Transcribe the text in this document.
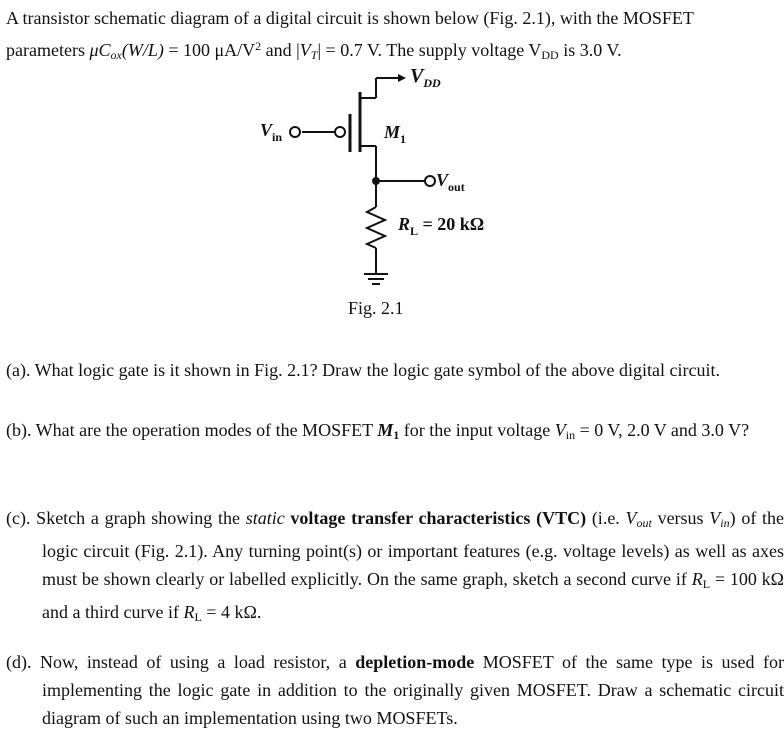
A transistor schematic diagram of a digital circuit is shown below (Fig. 2.1), with the MOSFET
parameters $\mu C_{ox}(W/L) = 100$ $\mu A/V^2$ and $|V_T| = 0.7$ V. The supply voltage $V_{DD}$ is 3.0 V.
$V_{DD}$
$M_1$
$V_{in}$
$V_{out}$
$R_L = 20$ kΩ
Fig. 2.1
(a). What logic gate is it shown in Fig. 2.1? Draw the logic gate symbol of the above digital circuit.
(b). What are the operation modes of the MOSFET $M_1$ for the input voltage $V_{in} = 0$ V, 2.0 V and 3.0 V?
(c). Sketch a graph showing the static voltage transfer characteristics (VTC) (i.e. $V_{out}$ versus $V_{in}$) of the logic circuit (Fig. 2.1). Any turning point(s) or important features (e.g. voltage levels) as well as axes must be shown clearly or labelled explicitly. On the same graph, sketch a second curve if $R_L = 100$ kΩ and a third curve if $R_L = 4$ kΩ.
(d). Now, instead of using a load resistor, a depletion-mode MOSFET of the same type is used for implementing the logic gate in addition to the originally given MOSFET. Draw a schematic circuit diagram of such an implementation using two MOSFETs.
